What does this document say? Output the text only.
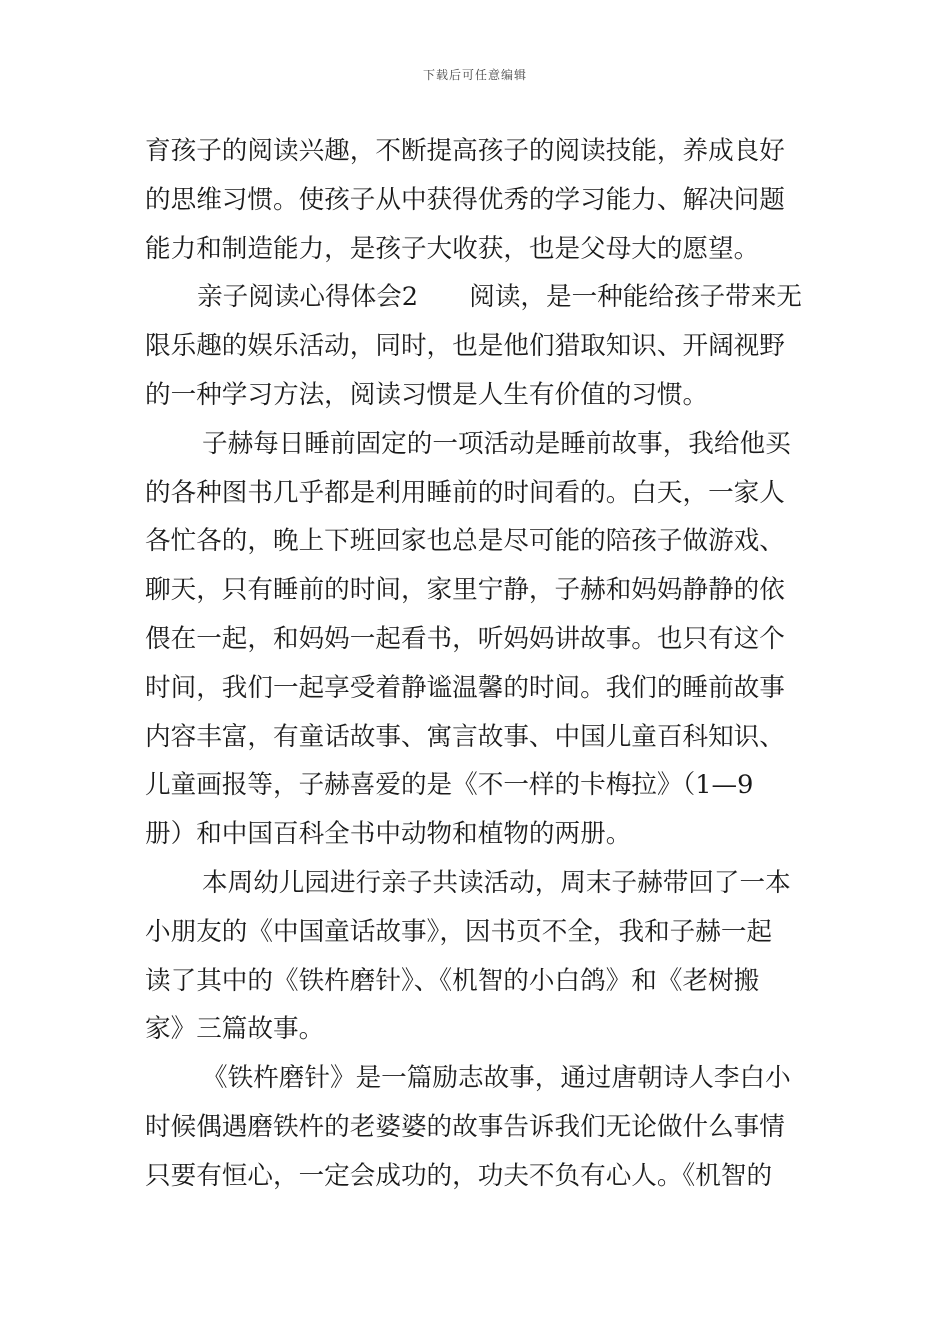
下载后可任意编辑
育孩子的阅读兴趣，不断提高孩子的阅读技能，养成良好
的思维习惯。使孩子从中获得优秀的学习能力、解决问题
能力和制造能力，是孩子大收获，也是父母大的愿望。
亲子阅读心得体会2　　阅读，是一种能给孩子带来无
限乐趣的娱乐活动，同时，也是他们猎取知识、开阔视野
的一种学习方法，阅读习惯是人生有价值的习惯。
子赫每日睡前固定的一项活动是睡前故事，我给他买
的各种图书几乎都是利用睡前的时间看的。白天，一家人
各忙各的，晚上下班回家也总是尽可能的陪孩子做游戏、
聊天，只有睡前的时间，家里宁静，子赫和妈妈静静的依
偎在一起，和妈妈一起看书，听妈妈讲故事。也只有这个
时间，我们一起享受着静谧温馨的时间。我们的睡前故事
内容丰富，有童话故事、寓言故事、中国儿童百科知识、
儿童画报等，子赫喜爱的是《不一样的卡梅拉》（1—9
册）和中国百科全书中动物和植物的两册。
本周幼儿园进行亲子共读活动，周末子赫带回了一本
小朋友的《中国童话故事》，因书页不全，我和子赫一起
读了其中的《铁杵磨针》、《机智的小白鸽》和《老树搬
家》三篇故事。
《铁杵磨针》是一篇励志故事，通过唐朝诗人李白小
时候偶遇磨铁杵的老婆婆的故事告诉我们无论做什么事情
只要有恒心，一定会成功的，功夫不负有心人。《机智的
